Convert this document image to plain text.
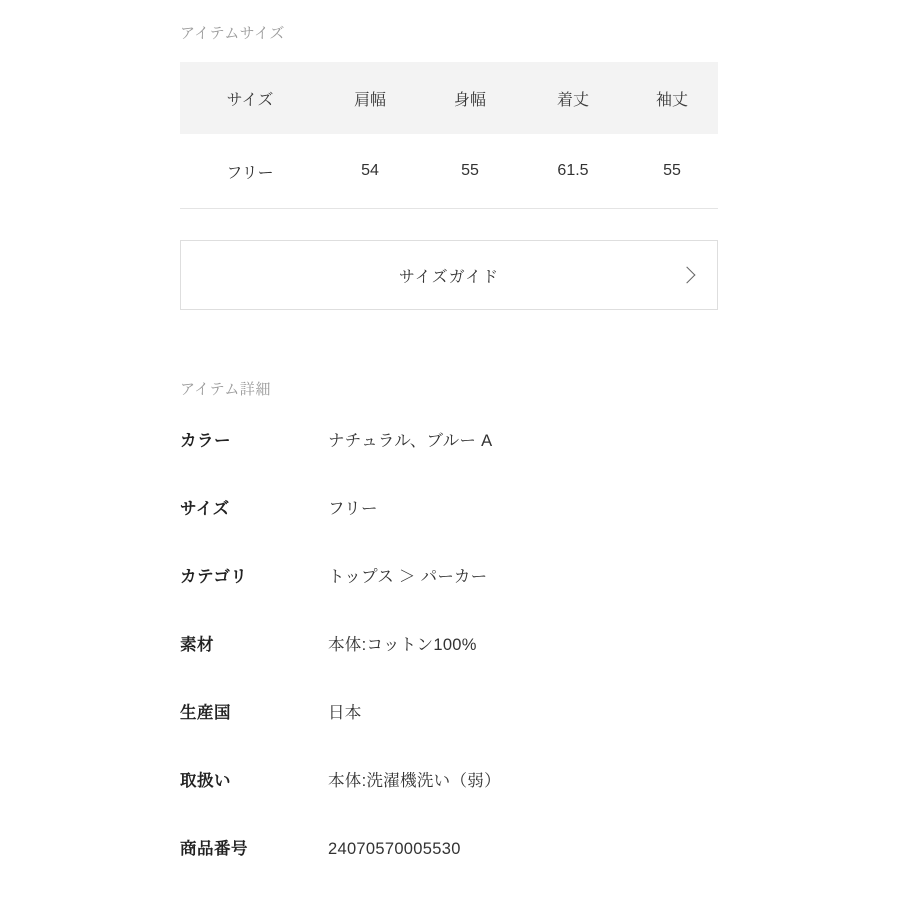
アイテムサイズ
サイズ	肩幅	身幅	着丈	袖丈
フリー	54	55	61.5	55
サイズガイド
アイテム詳細
カラー	ナチュラル、ブルー A
サイズ	フリー
カテゴリ	トップス ＞ パーカー
素材	本体:コットン100%
生産国	日本
取扱い	本体:洗濯機洗い（弱）
商品番号	24070570005530
